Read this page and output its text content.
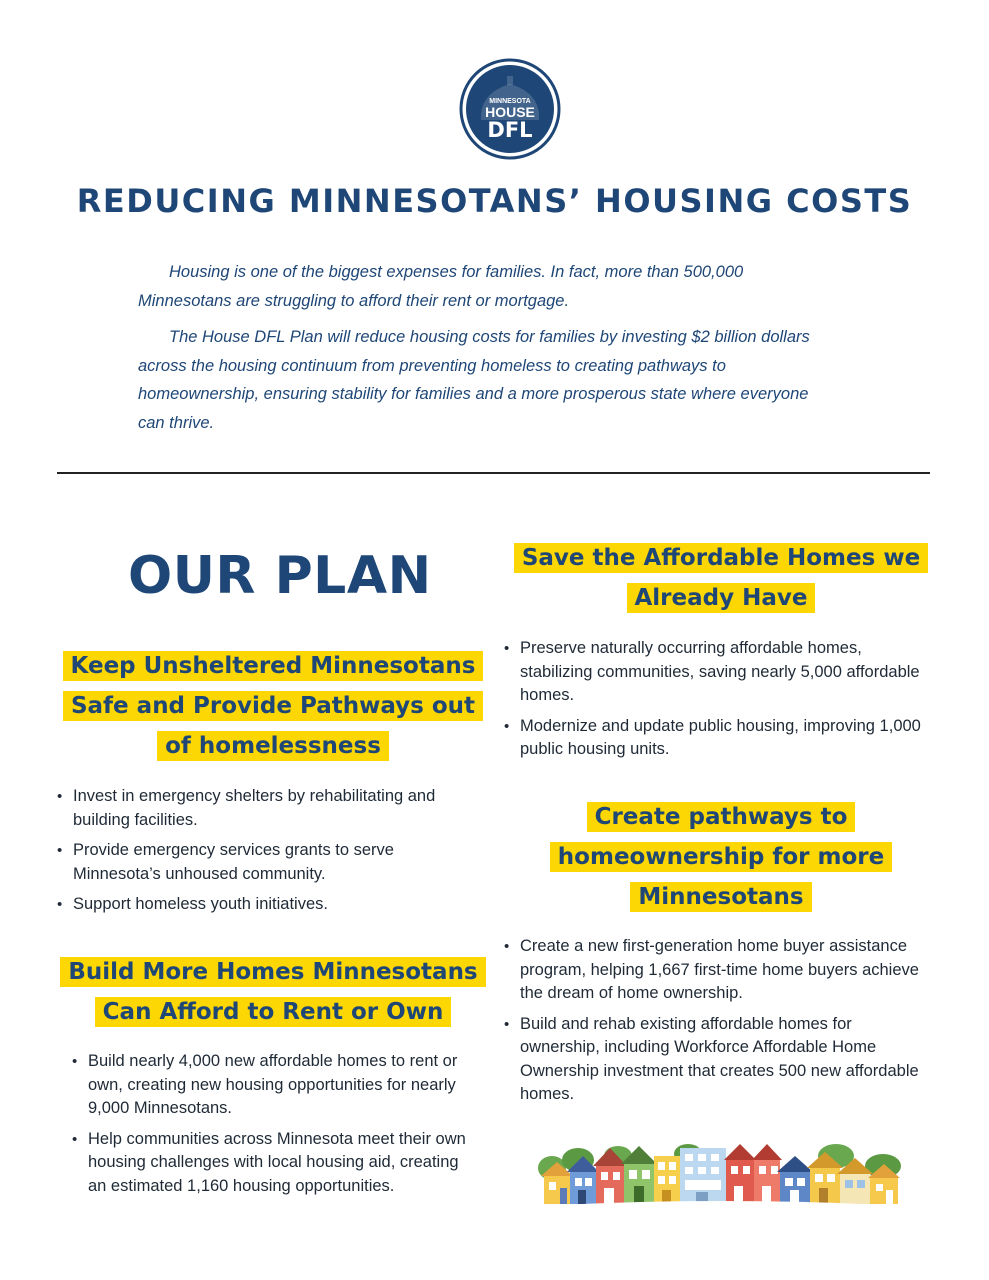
MINNESOTA
HOUSE
DFL
REDUCING MINNESOTANS’ HOUSING COSTS

Housing is one of the biggest expenses for families. In fact, more than 500,000 Minnesotans are struggling to afford their rent or mortgage.

The House DFL Plan will reduce housing costs for families by investing $2 billion dollars across the housing continuum from preventing homeless to creating pathways to homeownership, ensuring stability for families and a more prosperous state where everyone can thrive.

OUR PLAN
Keep Unsheltered Minnesotans
Safe and Provide Pathways out
of homelessness
• Invest in emergency shelters by rehabilitating and building facilities.
• Provide emergency services grants to serve Minnesota’s unhoused community.
• Support homeless youth initiatives.
Build More Homes Minnesotans
Can Afford to Rent or Own
• Build nearly 4,000 new affordable homes to rent or own, creating new housing opportunities for nearly 9,000 Minnesotans.
• Help communities across Minnesota meet their own housing challenges with local housing aid, creating an estimated 1,160 housing opportunities.
Save the Affordable Homes we
Already Have
• Preserve naturally occurring affordable homes, stabilizing communities, saving nearly 5,000 affordable homes.
• Modernize and update public housing, improving 1,000 public housing units.
Create pathways to
homeownership for more
Minnesotans
• Create a new first-generation home buyer assistance program, helping 1,667 first-time home buyers achieve the dream of home ownership.
• Build and rehab existing affordable homes for ownership, including Workforce Affordable Home Ownership investment that creates 500 new affordable homes.
